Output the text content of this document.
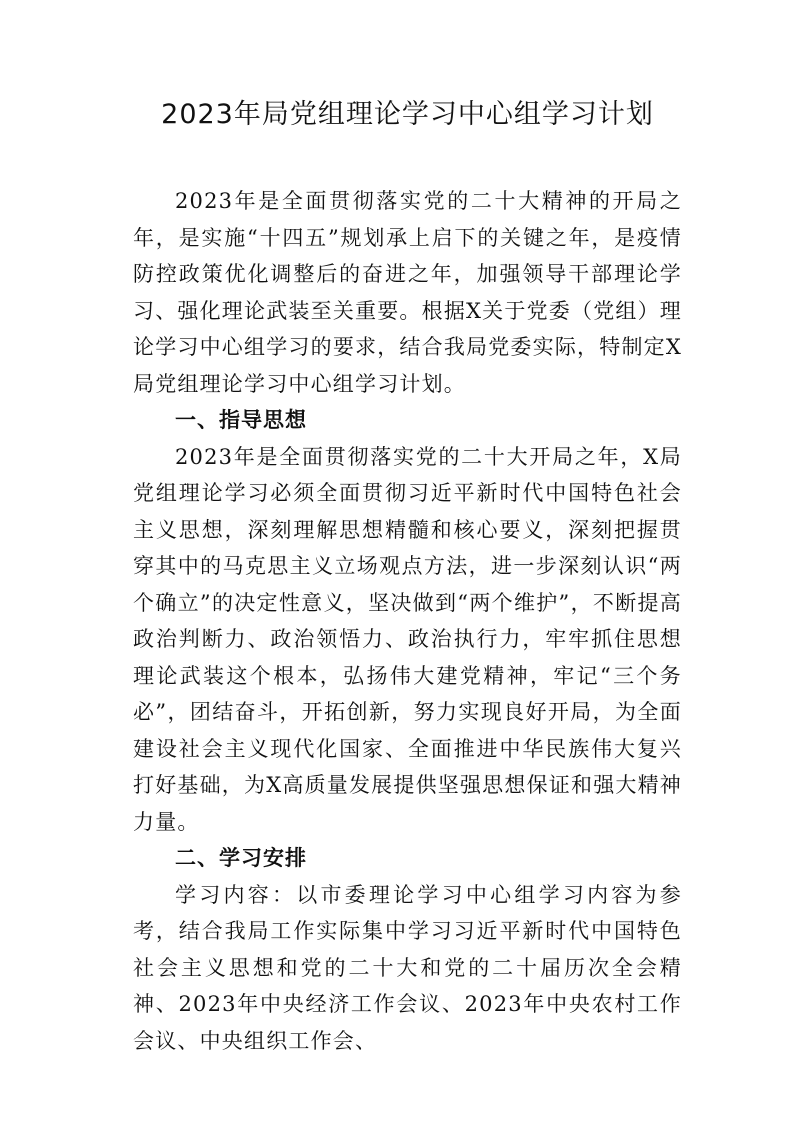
2023年局党组理论学习中心组学习计划

2023年是全面贯彻落实党的二十大精神的开局之年，是实施“十四五”规划承上启下的关键之年，是疫情防控政策优化调整后的奋进之年，加强领导干部理论学习、强化理论武装至关重要。根据X关于党委（党组）理论学习中心组学习的要求，结合我局党委实际，特制定X局党组理论学习中心组学习计划。

一、指导思想

2023年是全面贯彻落实党的二十大开局之年，X局党组理论学习必须全面贯彻习近平新时代中国特色社会主义思想，深刻理解思想精髓和核心要义，深刻把握贯穿其中的马克思主义立场观点方法，进一步深刻认识“两个确立”的决定性意义，坚决做到“两个维护”，不断提高政治判断力、政治领悟力、政治执行力，牢牢抓住思想理论武装这个根本，弘扬伟大建党精神，牢记“三个务必”，团结奋斗，开拓创新，努力实现良好开局，为全面建设社会主义现代化国家、全面推进中华民族伟大复兴打好基础，为X高质量发展提供坚强思想保证和强大精神力量。

二、学习安排

学习内容：以市委理论学习中心组学习内容为参考，结合我局工作实际集中学习习近平新时代中国特色社会主义思想和党的二十大和党的二十届历次全会精神、2023年中央经济工作会议、2023年中央农村工作会议、中央组织工作会、
